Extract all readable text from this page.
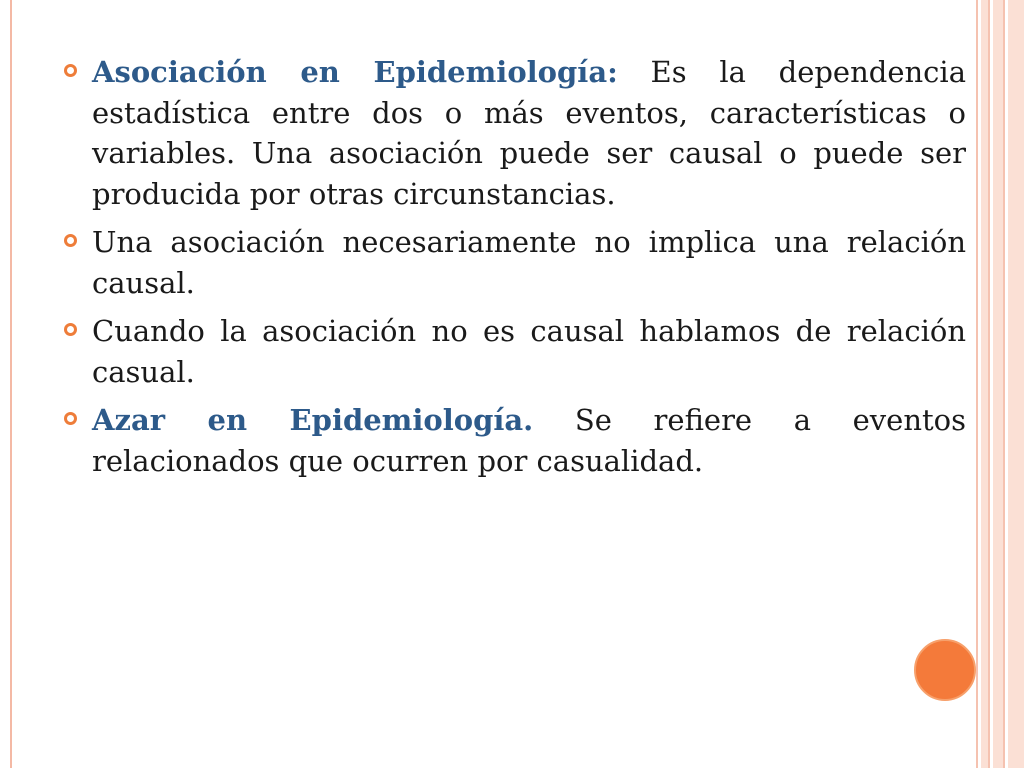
Asociación en Epidemiología: Es la dependencia estadística entre dos o más eventos, características o variables. Una asociación puede ser causal o puede ser producida por otras circunstancias.
Una asociación necesariamente no implica una relación causal.
Cuando la asociación no es causal hablamos de relación casual.
Azar en Epidemiología. Se refiere a eventos relacionados que ocurren por casualidad.
